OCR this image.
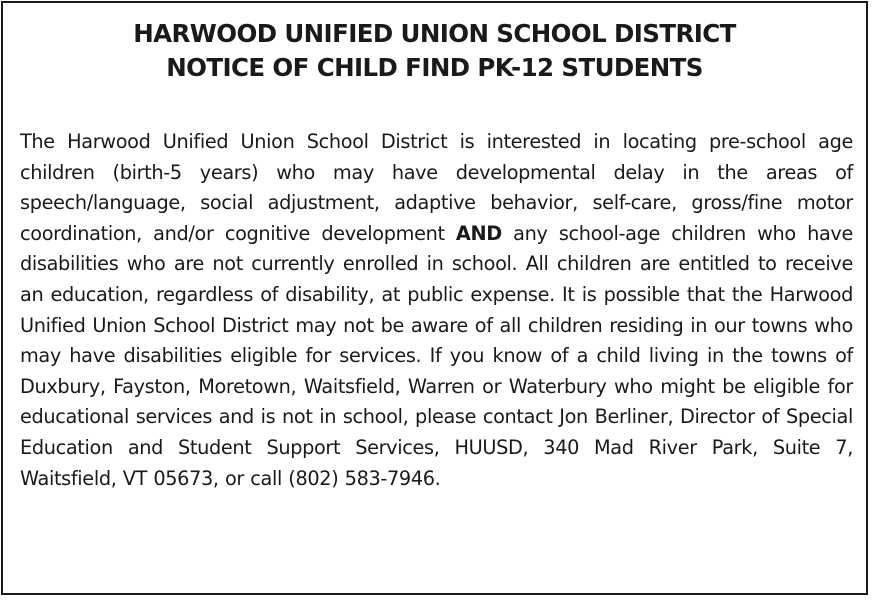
HARWOOD UNIFIED UNION SCHOOL DISTRICT
NOTICE OF CHILD FIND PK-12 STUDENTS

The Harwood Unified Union School District is interested in locating pre-school age children (birth-5 years) who may have developmental delay in the areas of speech/language, social adjustment, adaptive behavior, self-care, gross/fine motor coordination, and/or cognitive development AND any school-age children who have disabilities who are not currently enrolled in school. All children are entitled to receive an education, regardless of disability, at public expense. It is possible that the Harwood Unified Union School District may not be aware of all children residing in our towns who may have disabilities eligible for services. If you know of a child living in the towns of Duxbury, Fayston, Moretown, Waitsfield, Warren or Waterbury who might be eligible for educational services and is not in school, please contact Jon Berliner, Director of Special Education and Student Support Services, HUUSD, 340 Mad River Park, Suite 7, Waitsfield, VT 05673, or call (802) 583-7946.
